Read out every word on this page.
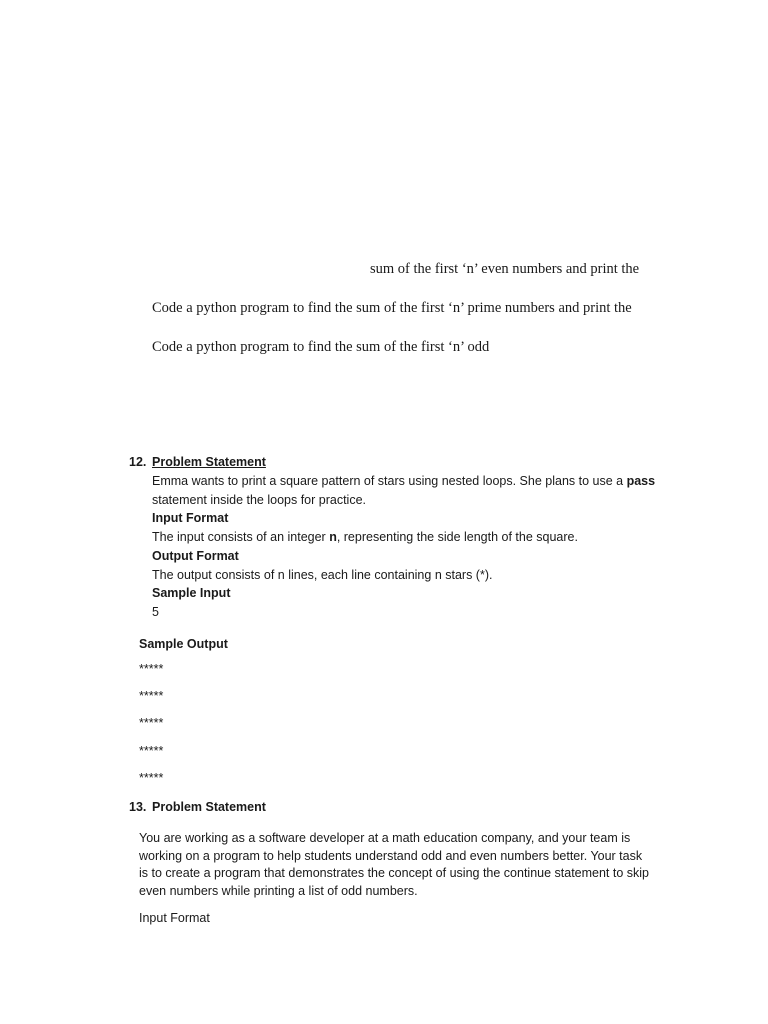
sum of the first ‘n’ even numbers and print the
Code a python program to find the sum of the first ‘n’ prime numbers and print the
Code a python program to find the sum of the first ‘n’ odd
12. Problem Statement
Emma wants to print a square pattern of stars using nested loops. She plans to use a pass
statement inside the loops for practice.
Input Format
The input consists of an integer n, representing the side length of the square.
Output Format
The output consists of n lines, each line containing n stars (*).
Sample Input
5
Sample Output
*****
*****
*****
*****
*****
13. Problem Statement
You are working as a software developer at a math education company, and your team is
working on a program to help students understand odd and even numbers better. Your task
is to create a program that demonstrates the concept of using the continue statement to skip
even numbers while printing a list of odd numbers.
Input Format
